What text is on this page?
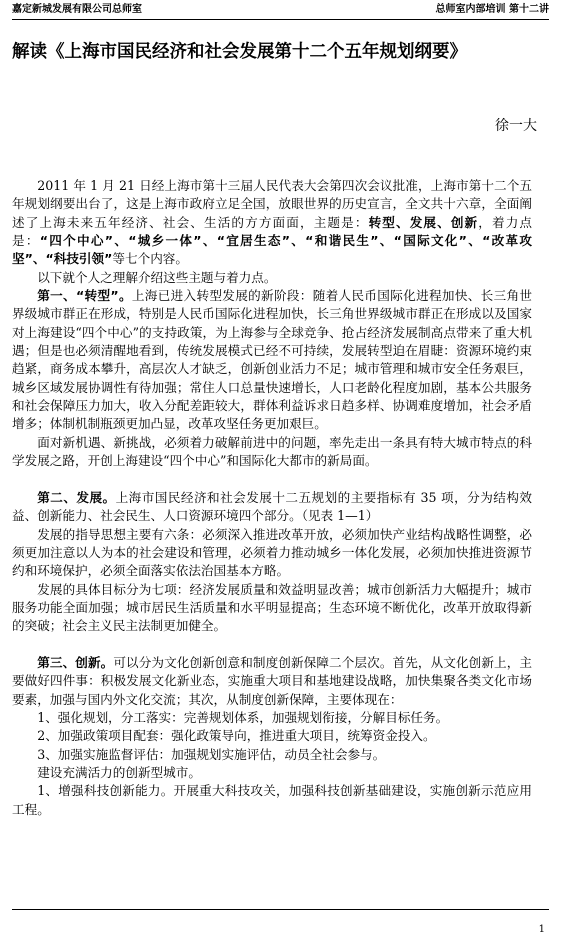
嘉定新城发展有限公司总师室	总师室内部培训 第十二讲
解读《上海市国民经济和社会发展第十二个五年规划纲要》
徐一大

2011 年 1 月 21 日经上海市第十三届人民代表大会第四次会议批准，上海市第十二个五年规划纲要出台了，这是上海市政府立足全国，放眼世界的历史宣言，全文共十六章，全面阐述了上海未来五年经济、社会、生活的方方面面，主题是：转型、发展、创新，着力点是：“四个中心”、“城乡一体”、“宜居生态”、“和谐民生”、“国际文化”、“改革攻坚”、“科技引领”等七个内容。

以下就个人之理解介绍这些主题与着力点。

第一、“转型”。上海已进入转型发展的新阶段：随着人民币国际化进程加快、长三角世界级城市群正在形成，特别是人民币国际化进程加快，长三角世界级城市群正在形成以及国家对上海建设“四个中心”的支持政策，为上海参与全球竞争、抢占经济发展制高点带来了重大机遇；但是也必须清醒地看到，传统发展模式已经不可持续，发展转型迫在眉睫：资源环境约束趋紧，商务成本攀升，高层次人才缺乏，创新创业活力不足；城市管理和城市安全任务艰巨，城乡区域发展协调性有待加强；常住人口总量快速增长，人口老龄化程度加剧，基本公共服务和社会保障压力加大，收入分配差距较大，群体利益诉求日趋多样、协调难度增加，社会矛盾增多；体制机制瓶颈更加凸显，改革攻坚任务更加艰巨。

面对新机遇、新挑战，必须着力破解前进中的问题，率先走出一条具有特大城市特点的科学发展之路，开创上海建设“四个中心”和国际化大都市的新局面。

第二、发展。上海市国民经济和社会发展十二五规划的主要指标有 35 项，分为结构效益、创新能力、社会民生、人口资源环境四个部分。（见表 1—1）

发展的指导思想主要有六条：必须深入推进改革开放，必须加快产业结构战略性调整，必须更加注意以人为本的社会建设和管理，必须着力推动城乡一体化发展，必须加快推进资源节约和环境保护，必须全面落实依法治国基本方略。

发展的具体目标分为七项：经济发展质量和效益明显改善；城市创新活力大幅提升；城市服务功能全面加强；城市居民生活质量和水平明显提高；生态环境不断优化，改革开放取得新的突破；社会主义民主法制更加健全。

第三、创新。可以分为文化创新创意和制度创新保障二个层次。首先，从文化创新上，主要做好四件事：积极发展文化新业态，实施重大项目和基地建设战略，加快集聚各类文化市场要素，加强与国内外文化交流；其次，从制度创新保障，主要体现在：

1、强化规划，分工落实：完善规划体系，加强规划衔接，分解目标任务。

2、加强政策项目配套：强化政策导向，推进重大项目，统筹资金投入。

3、加强实施监督评估：加强规划实施评估，动员全社会参与。

建设充满活力的创新型城市。

1、增强科技创新能力。开展重大科技攻关，加强科技创新基础建设，实施创新示范应用工程。

1
